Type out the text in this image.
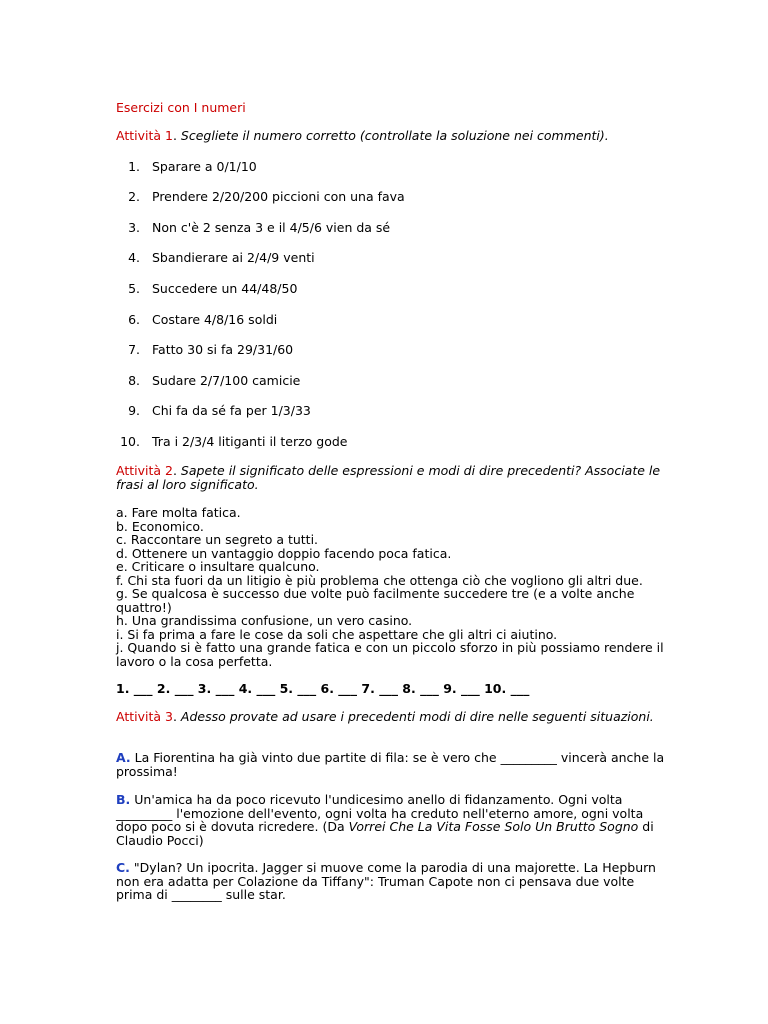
Esercizi con I numeri
Attività 1. Scegliete il numero corretto (controllate la soluzione nei commenti).
1. Sparare a 0/1/10
2. Prendere 2/20/200 piccioni con una fava
3. Non c'è 2 senza 3 e il 4/5/6 vien da sé
4. Sbandierare ai 2/4/9 venti
5. Succedere un 44/48/50
6. Costare 4/8/16 soldi
7. Fatto 30 si fa 29/31/60
8. Sudare 2/7/100 camicie
9. Chi fa da sé fa per 1/3/33
10. Tra i 2/3/4 litiganti il terzo gode
Attività 2. Sapete il significato delle espressioni e modi di dire precedenti? Associate le frasi al loro significato.

a. Fare molta fatica.

b. Economico.

c. Raccontare un segreto a tutti.

d. Ottenere un vantaggio doppio facendo poca fatica.

e. Criticare o insultare qualcuno.

f. Chi sta fuori da un litigio è più problema che ottenga ciò che vogliono gli altri due.

g. Se qualcosa è successo due volte può facilmente succedere tre (e a volte anche quattro!)

h. Una grandissima confusione, un vero casino.

i. Si fa prima a fare le cose da soli che aspettare che gli altri ci aiutino.

j. Quando si è fatto una grande fatica e con un piccolo sforzo in più possiamo rendere il lavoro o la cosa perfetta.

1. ___ 2. ___ 3. ___ 4. ___ 5. ___ 6. ___ 7. ___ 8. ___ 9. ___ 10. ___
Attività 3. Adesso provate ad usare i precedenti modi di dire nelle seguenti situazioni.
A. La Fiorentina ha già vinto due partite di fila: se è vero che _________ vincerà anche la prossima!
B. Un'amica ha da poco ricevuto l'undicesimo anello di fidanzamento. Ogni volta _________ l'emozione dell'evento, ogni volta ha creduto nell'eterno amore, ogni volta dopo poco si è dovuta ricredere. (Da Vorrei Che La Vita Fosse Solo Un Brutto Sogno di Claudio Pocci)
C. "Dylan? Un ipocrita. Jagger si muove come la parodia di una majorette. La Hepburn non era adatta per Colazione da Tiffany": Truman Capote non ci pensava due volte prima di ________ sulle star.
